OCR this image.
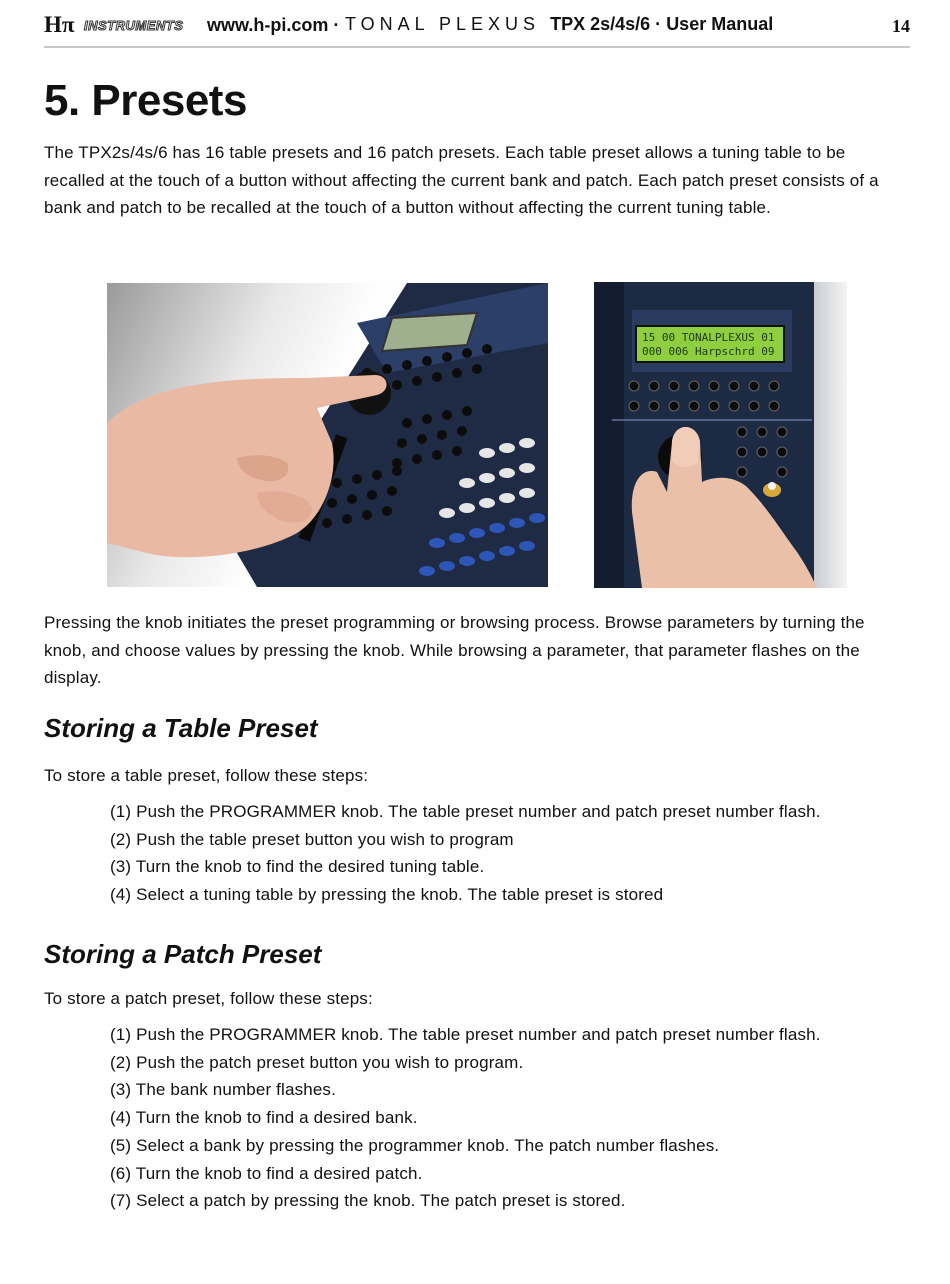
Hπ INSTRUMENTS www.h-pi.com · TONAL PLEXUS TPX 2s/4s/6 · User Manual	14
5. Presets

The TPX2s/4s/6 has 16 table presets and 16 patch presets. Each table preset allows a tuning table to be recalled at the touch of a button without affecting the current bank and patch. Each patch preset consists of a bank and patch to be recalled at the touch of a button without affecting the current tuning table.

15 00 TONALPLEXUS 01
000 006 Harpschrd 09

Pressing the knob initiates the preset programming or browsing process. Browse parameters by turning the knob, and choose values by pressing the knob. While browsing a parameter, that parameter flashes on the display.

Storing a Table Preset

To store a table preset, follow these steps:

(1) Push the PROGRAMMER knob. The table preset number and patch preset number flash.
(2) Push the table preset button you wish to program
(3) Turn the knob to find the desired tuning table.
(4) Select a tuning table by pressing the knob. The table preset is stored
Storing a Patch Preset

To store a patch preset, follow these steps:

(1) Push the PROGRAMMER knob. The table preset number and patch preset number flash.
(2) Push the patch preset button you wish to program.
(3) The bank number flashes.
(4) Turn the knob to find a desired bank.
(5) Select a bank by pressing the programmer knob. The patch number flashes.
(6) Turn the knob to find a desired patch.
(7) Select a patch by pressing the knob. The patch preset is stored.
